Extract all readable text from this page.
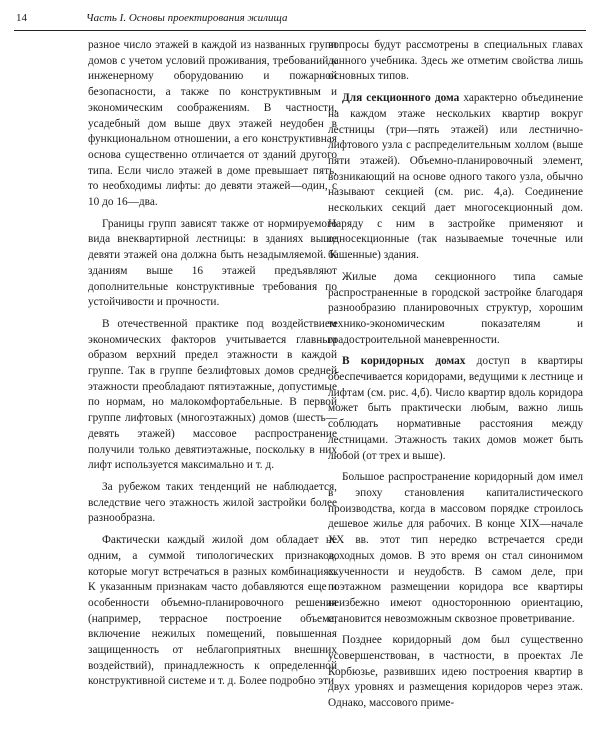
14	Часть I. Основы проектирования жилища

разное число этажей в каждой из названных групп домов с учетом условий проживания, требований к инженерному оборудованию и пожарной безопасности, а также по конструктивным и экономическим соображениям. В частности, усадебный дом выше двух этажей неудобен в функциональном отношении, а его конструктивная основа существенно отличается от зданий другого типа. Если число этажей в доме превышает пять, то необходимы лифты: до девяти этажей—один, с 10 до 16—два.

Границы групп зависят также от нормируемого вида внеквартирной лестницы: в зданиях выше девяти этажей она должна быть незадымляемой. К зданиям выше 16 этажей предъявляют дополнительные конструктивные требования по устойчивости и прочности.

В отечественной практике под воздействием экономических факторов учитывается главным образом верхний предел этажности в каждой группе. Так в группе безлифтовых домов средней этажности преобладают пятиэтажные, допустимые по нормам, но малокомфортабельные. В первой группе лифтовых (многоэтажных) домов (шесть—девять этажей) массовое распространение получили только девятиэтажные, поскольку в них лифт используется максимально и т. д.

За рубежом таких тенденций не наблюдается, вследствие чего этажность жилой застройки более разнообразна.

Фактически каждый жилой дом обладает не одним, а суммой типологических признаков, которые могут встречаться в разных комбинациях. К указанным признакам часто добавляются еще и особенности объемно-планировочного решения (например, террасное построение объема, включение нежилых помещений, повышенная защищенность от неблагоприятных внешних воздействий), принадлежность к определенной конструктивной системе и т. д. Более подробно эти

вопросы будут рассмотрены в специальных главах данного учебника. Здесь же отметим свойства лишь основных типов.

Для секционного дома характерно объединение на каждом этаже нескольких квартир вокруг лестницы (три—пять этажей) или лестнично-лифтового узла с распределительным холлом (выше пяти этажей). Объемно-планировочный элемент, возникающий на основе одного такого узла, обычно называют секцией (см. рис. 4,а). Соединение нескольких секций дает многосекционный дом. Наряду с ним в застройке применяют и односекционные (так называемые точечные или башенные) здания.

Жилые дома секционного типа самые распространенные в городской застройке благодаря разнообразию планировочных структур, хорошим технико-экономическим показателям и градостроительной маневренности.

В коридорных домах доступ в квартиры обеспечивается коридорами, ведущими к лестнице и лифтам (см. рис. 4,б). Число квартир вдоль коридора может быть практически любым, важно лишь соблюдать нормативные расстояния между лестницами. Этажность таких домов может быть любой (от трех и выше).

Большое распространение коридорный дом имел в эпоху становления капиталистического производства, когда в массовом порядке строилось дешевое жилье для рабочих. В конце XIX—начале XX вв. этот тип нередко встречается среди доходных домов. В это время он стал синонимом скученности и неудобств. В самом деле, при поэтажном размещении коридора все квартиры неизбежно имеют одностороннюю ориентацию, становится невозможным сквозное проветривание.

Позднее коридорный дом был существенно усовершенствован, в частности, в проектах Ле Корбюзье, развивших идею построения квартир в двух уровнях и размещения коридоров через этаж. Однако, массового приме-
